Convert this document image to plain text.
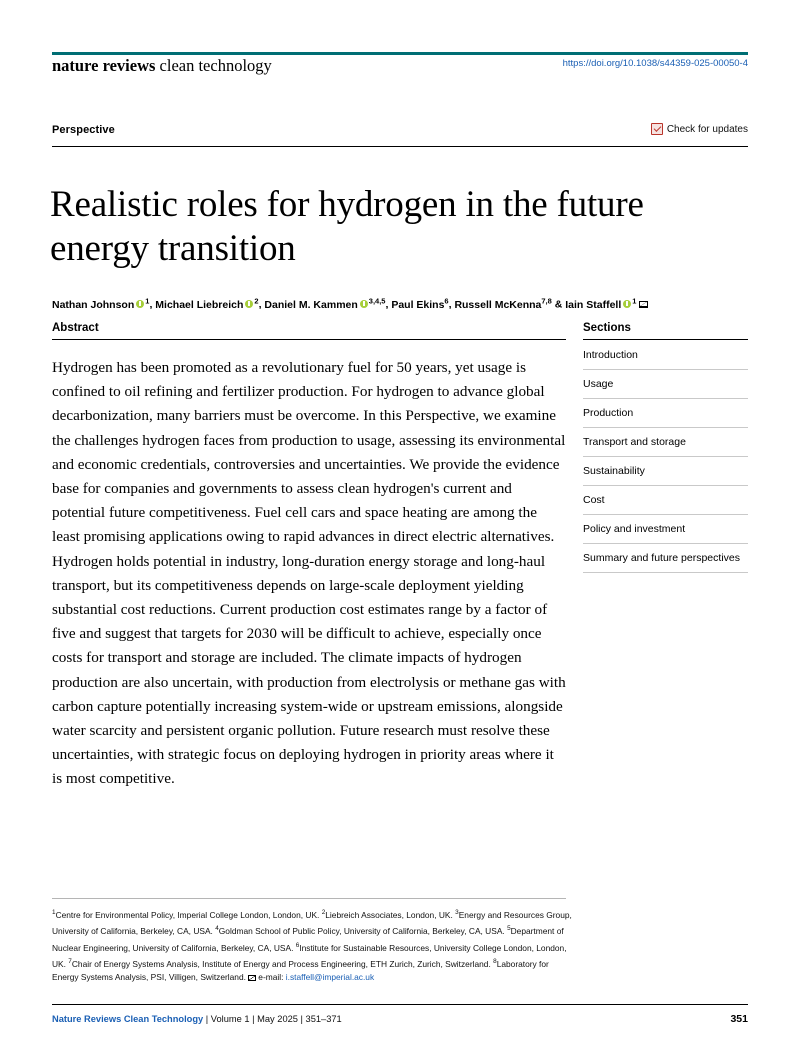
nature reviews clean technology	https://doi.org/10.1038/s44359-025-00050-4
Perspective	Check for updates
Realistic roles for hydrogen in the future energy transition
Nathan Johnson $^1$, Michael Liebreich $^2$, Daniel M. Kammen $^{3,4,5}$, Paul Ekins$^6$, Russell McKenna$^{7,8}$ & Iain Staffell $^1$
Abstract

Hydrogen has been promoted as a revolutionary fuel for 50 years, yet usage is confined to oil refining and fertilizer production. For hydrogen to advance global decarbonization, many barriers must be overcome. In this Perspective, we examine the challenges hydrogen faces from production to usage, assessing its environmental and economic credentials, controversies and uncertainties. We provide the evidence base for companies and governments to assess clean hydrogen's current and potential future competitiveness. Fuel cell cars and space heating are among the least promising applications owing to rapid advances in direct electric alternatives. Hydrogen holds potential in industry, long-duration energy storage and long-haul transport, but its competitiveness depends on large-scale deployment yielding substantial cost reductions. Current production cost estimates range by a factor of five and suggest that targets for 2030 will be difficult to achieve, especially once costs for transport and storage are included. The climate impacts of hydrogen production are also uncertain, with production from electrolysis or methane gas with carbon capture potentially increasing system-wide or upstream emissions, alongside water scarcity and persistent organic pollution. Future research must resolve these uncertainties, with strategic focus on deploying hydrogen in priority areas where it is most competitive.

Sections
Introduction
Usage
Production
Transport and storage
Sustainability
Cost
Policy and investment
Summary and future perspectives
$^1$Centre for Environmental Policy, Imperial College London, London, UK. $^2$Liebreich Associates, London, UK. $^3$Energy and Resources Group, University of California, Berkeley, CA, USA. $^4$Goldman School of Public Policy, University of California, Berkeley, CA, USA. $^5$Department of Nuclear Engineering, University of California, Berkeley, CA, USA. $^6$Institute for Sustainable Resources, University College London, London, UK. $^7$Chair of Energy Systems Analysis, Institute of Energy and Process Engineering, ETH Zurich, Zurich, Switzerland. $^8$Laboratory for Energy Systems Analysis, PSI, Villigen, Switzerland. e-mail: i.staffell@imperial.ac.uk
Nature Reviews Clean Technology | Volume 1 | May 2025 | 351–371	351
